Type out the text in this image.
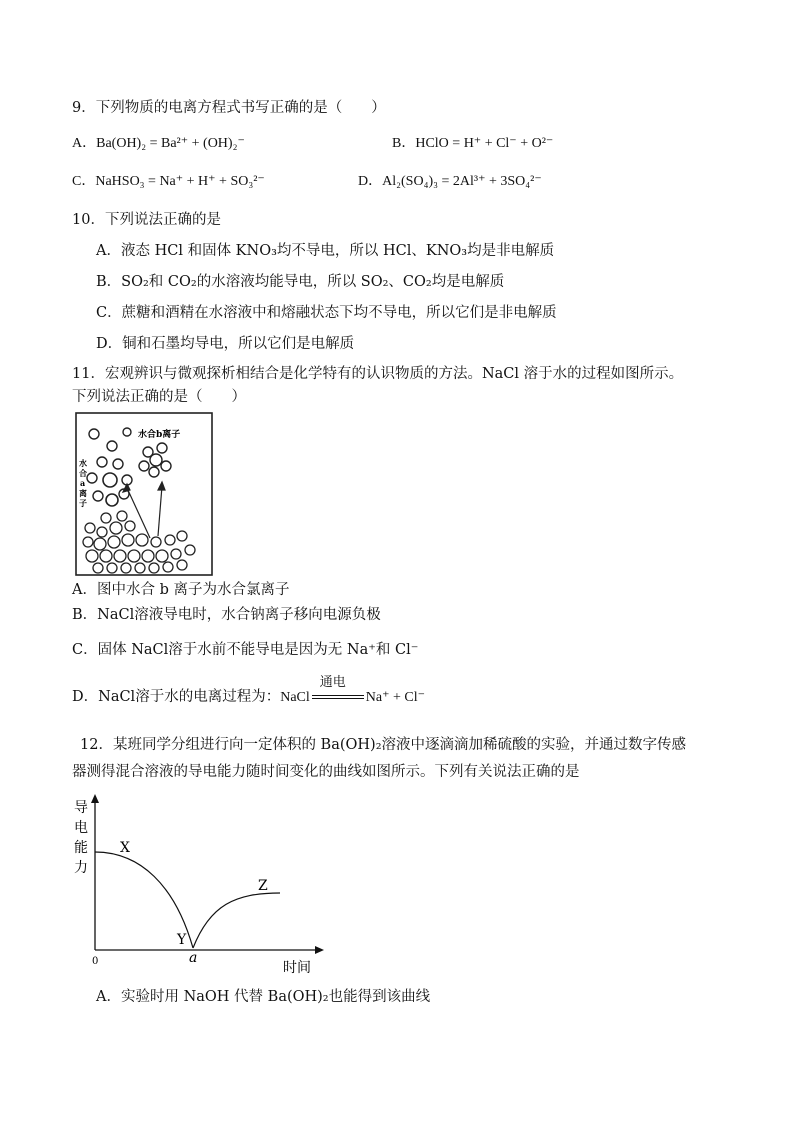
9．下列物质的电离方程式书写正确的是（　　）
A．Ba(OH)₂ = Ba²⁺ + (OH)₂⁻	B．HClO = H⁺ + Cl⁻ + O²⁻
C．NaHSO₃ = Na⁺ + H⁺ + SO₃²⁻	D．Al₂(SO₄)₃ = 2Al³⁺ + 3SO₄²⁻
10．下列说法正确的是
A．液态 HCl 和固体 KNO₃均不导电，所以 HCl、KNO₃均是非电解质
B．SO₂和 CO₂的水溶液均能导电，所以 SO₂、CO₂均是电解质
C．蔗糖和酒精在水溶液中和熔融状态下均不导电，所以它们是非电解质
D．铜和石墨均导电，所以它们是电解质
11．宏观辨识与微观探析相结合是化学特有的认识物质的方法。NaCl 溶于水的过程如图所示。
下列说法正确的是（　　）
水合b离子
水
合
a
离
子
A．图中水合 b 离子为水合氯离子
B．NaCl溶液导电时，水合钠离子移向电源负极
C．固体 NaCl溶于水前不能导电是因为无 Na⁺和 Cl⁻
D．NaCl溶于水的电离过程为：NaCl
通电
Na⁺ + Cl⁻
12．某班同学分组进行向一定体积的 Ba(OH)₂溶液中逐滴滴加稀硫酸的实验，并通过数字传感
器测得混合溶液的导电能力随时间变化的曲线如图所示。下列有关说法正确的是
导
电
能
力
0	a
时间
X
Y
Z
A．实验时用 NaOH 代替 Ba(OH)₂也能得到该曲线
